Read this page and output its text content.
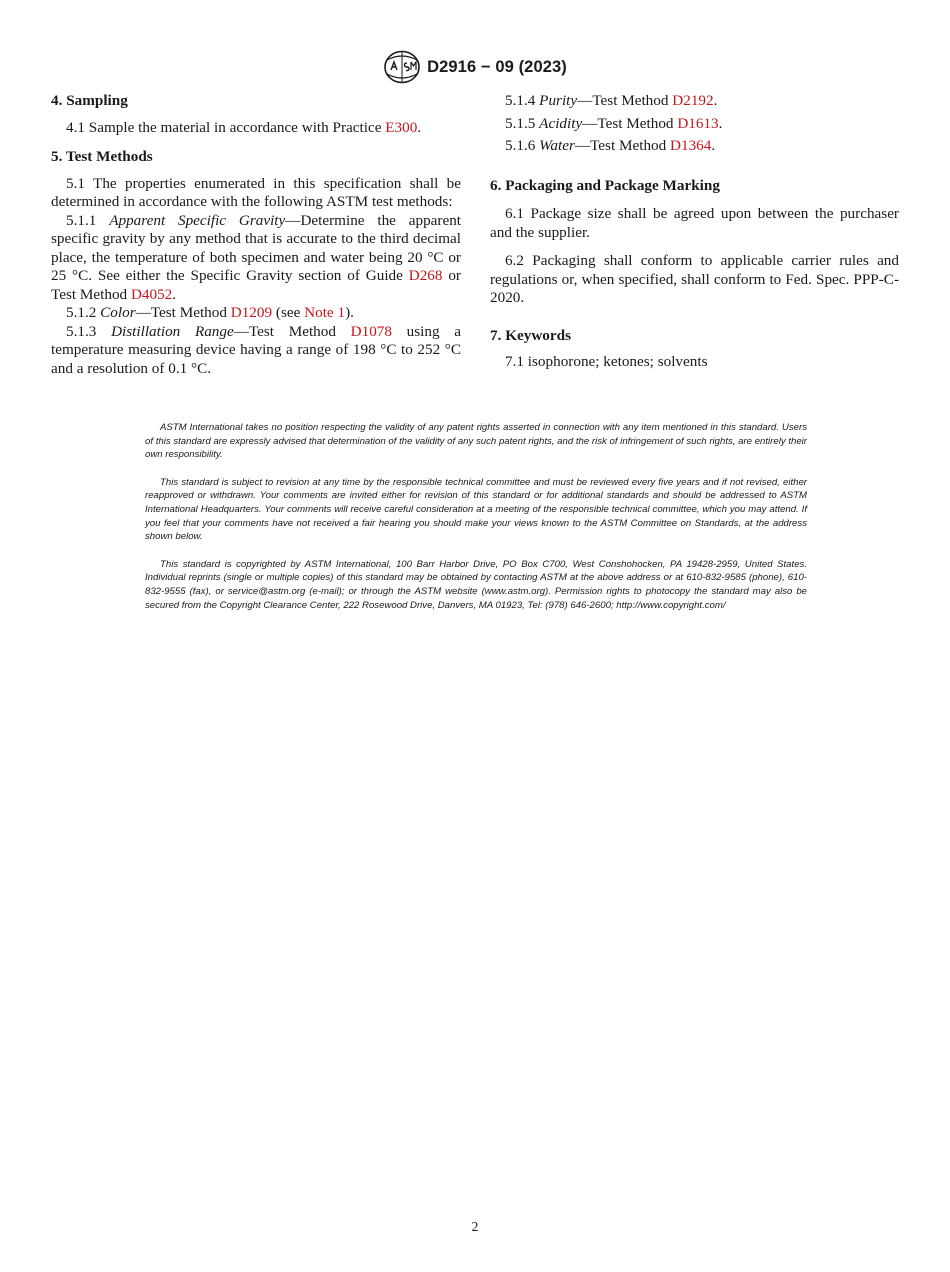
D2916 − 09 (2023)

4. Sampling

4.1 Sample the material in accordance with Practice E300.

5. Test Methods

5.1 The properties enumerated in this specification shall be determined in accordance with the following ASTM test methods:

5.1.1 Apparent Specific Gravity—Determine the apparent specific gravity by any method that is accurate to the third decimal place, the temperature of both specimen and water being 20 °C or 25 °C. See either the Specific Gravity section of Guide D268 or Test Method D4052.

5.1.2 Color—Test Method D1209 (see Note 1).

5.1.3 Distillation Range—Test Method D1078 using a temperature measuring device having a range of 198 °C to 252 °C and a resolution of 0.1 °C.

5.1.4 Purity—Test Method D2192.

5.1.5 Acidity—Test Method D1613.

5.1.6 Water—Test Method D1364.

6. Packaging and Package Marking

6.1 Package size shall be agreed upon between the purchaser and the supplier.

6.2 Packaging shall conform to applicable carrier rules and regulations or, when specified, shall conform to Fed. Spec. PPP-C-2020.

7. Keywords

7.1 isophorone; ketones; solvents

ASTM International takes no position respecting the validity of any patent rights asserted in connection with any item mentioned in this standard. Users of this standard are expressly advised that determination of the validity of any such patent rights, and the risk of infringement of such rights, are entirely their own responsibility.

This standard is subject to revision at any time by the responsible technical committee and must be reviewed every five years and if not revised, either reapproved or withdrawn. Your comments are invited either for revision of this standard or for additional standards and should be addressed to ASTM International Headquarters. Your comments will receive careful consideration at a meeting of the responsible technical committee, which you may attend. If you feel that your comments have not received a fair hearing you should make your views known to the ASTM Committee on Standards, at the address shown below.

This standard is copyrighted by ASTM International, 100 Barr Harbor Drive, PO Box C700, West Conshohocken, PA 19428-2959, United States. Individual reprints (single or multiple copies) of this standard may be obtained by contacting ASTM at the above address or at 610-832-9585 (phone), 610-832-9555 (fax), or service@astm.org (e-mail); or through the ASTM website (www.astm.org). Permission rights to photocopy the standard may also be secured from the Copyright Clearance Center, 222 Rosewood Drive, Danvers, MA 01923, Tel: (978) 646-2600; http://www.copyright.com/

2
